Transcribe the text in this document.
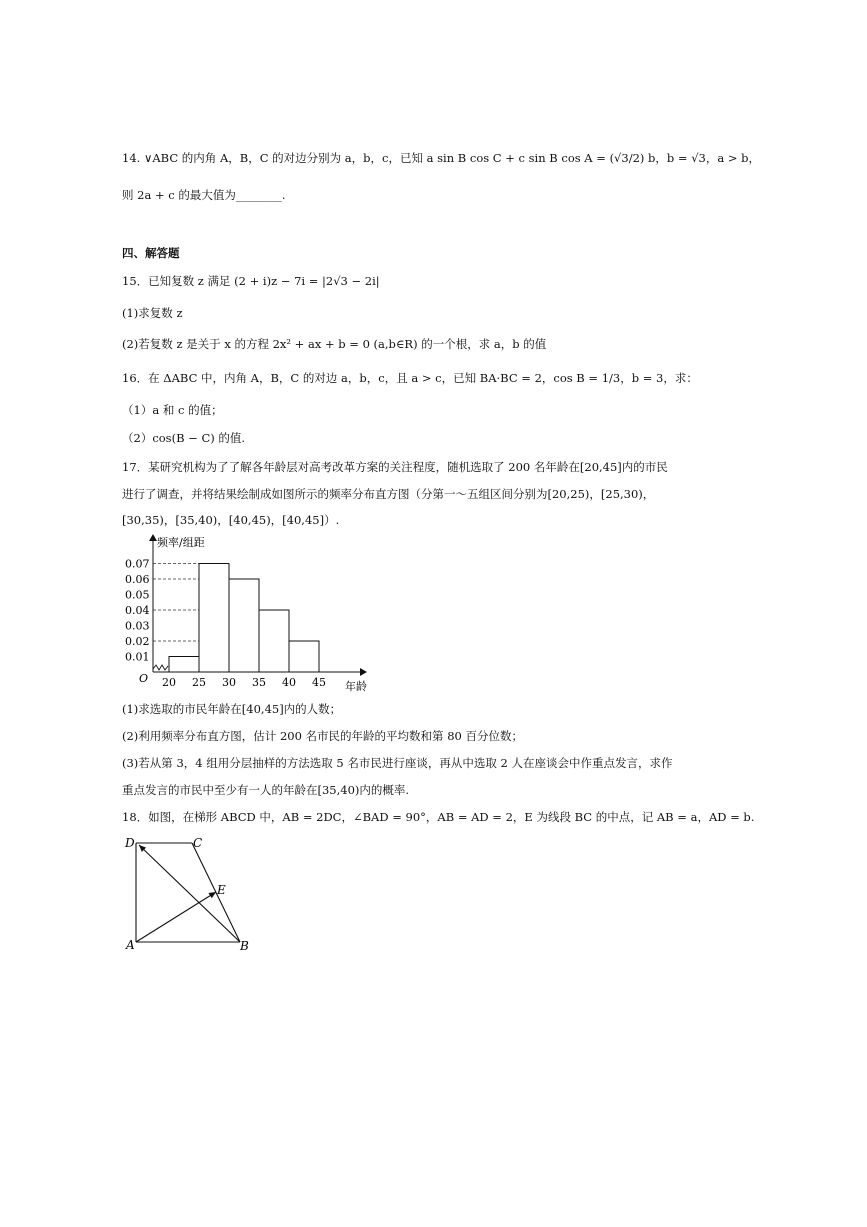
14. ∨ABC 的内角 A，B，C 的对边分别为 a，b，c，已知 a sin B cos C + c sin B cos A = (√3/2) b，b = √3，a > b，
则 2a + c 的最大值为________.
四、解答题
15．已知复数 z 满足 (2 + i)z − 7i = |2√3 − 2i|
(1)求复数 z
(2)若复数 z 是关于 x 的方程 2x² + ax + b = 0 (a,b∈R) 的一个根，求 a，b 的值
16．在 ΔABC 中，内角 A，B，C 的对边 a，b，c，且 a > c，已知 BA·BC = 2，cos B = 1/3，b = 3，求：
（1）a 和 c 的值；
（2）cos(B − C) 的值.
17．某研究机构为了了解各年龄层对高考改革方案的关注程度，随机选取了 200 名年龄在[20,45]内的市民
进行了调查，并将结果绘制成如图所示的频率分布直方图（分第一～五组区间分别为[20,25)，[25,30)，
[30,35)，[35,40)，[40,45)，[40,45]）.
0.01
0.02
0.03
0.04
0.05
0.06
0.07
20 25 30 35 40 45
频率/组距
年龄
O
(1)求选取的市民年龄在[40,45]内的人数；
(2)利用频率分布直方图，估计 200 名市民的年龄的平均数和第 80 百分位数；
(3)若从第 3，4 组用分层抽样的方法选取 5 名市民进行座谈，再从中选取 2 人在座谈会中作重点发言，求作
重点发言的市民中至少有一人的年龄在[35,40)内的概率.
18．如图，在梯形 ABCD 中，AB = 2DC，∠BAD = 90°，AB = AD = 2，E 为线段 BC 的中点，记 AB = a，AD = b.
A	B
C
D
E
